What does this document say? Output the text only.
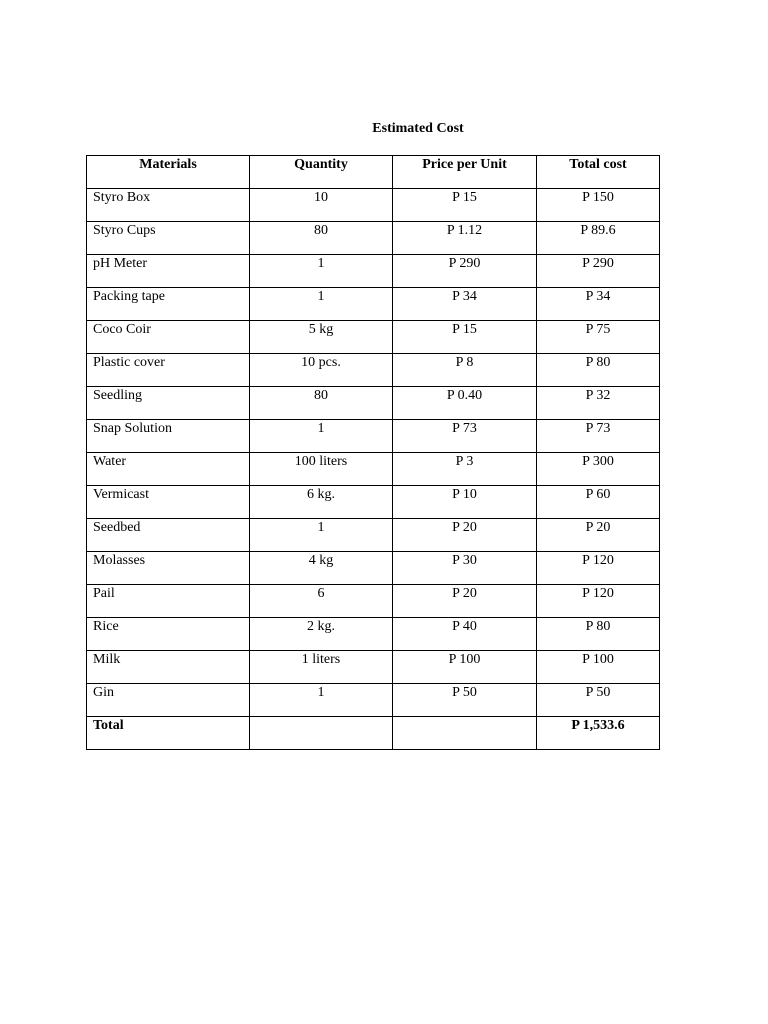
Estimated Cost
Materials	Quantity	Price per Unit	Total cost
Styro Box	10	P 15	P 150
Styro Cups	80	P 1.12	P 89.6
pH Meter	1	P 290	P 290
Packing tape	1	P 34	P 34
Coco Coir	5 kg	P 15	P 75
Plastic cover	10 pcs.	P 8	P 80
Seedling	80	P 0.40	P 32
Snap Solution	1	P 73	P 73
Water	100 liters	P 3	P 300
Vermicast	6 kg.	P 10	P 60
Seedbed	1	P 20	P 20
Molasses	4 kg	P 30	P 120
Pail	6	P 20	P 120
Rice	2 kg.	P 40	P 80
Milk	1 liters	P 100	P 100
Gin	1	P 50	P 50
Total			P 1,533.6
